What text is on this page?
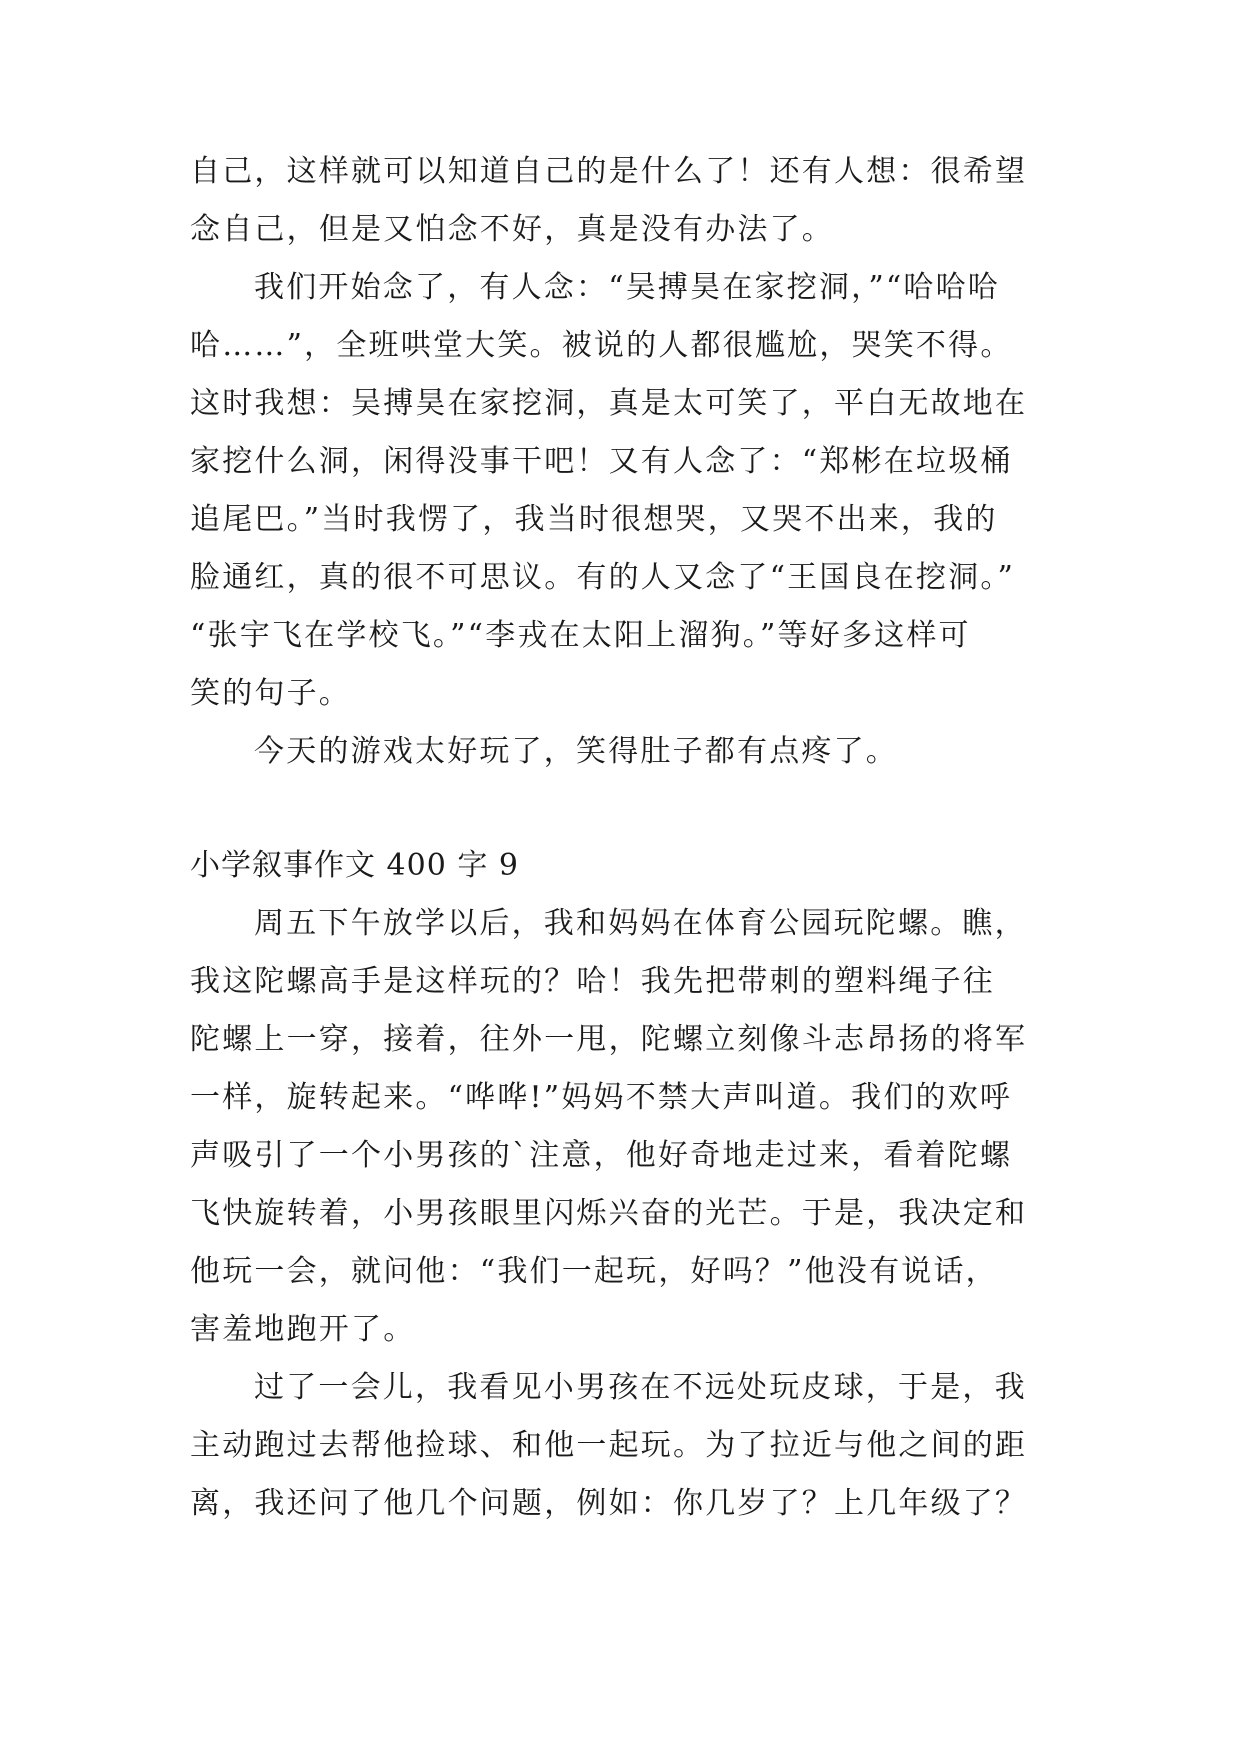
自己，这样就可以知道自己的是什么了！还有人想：很希望
念自己，但是又怕念不好，真是没有办法了。
我们开始念了，有人念：“吴搏昊在家挖洞，”“哈哈哈
哈……”，全班哄堂大笑。被说的人都很尴尬，哭笑不得。
这时我想：吴搏昊在家挖洞，真是太可笑了，平白无故地在
家挖什么洞，闲得没事干吧！又有人念了：“郑彬在垃圾桶
追尾巴。”当时我愣了，我当时很想哭，又哭不出来，我的
脸通红，真的很不可思议。有的人又念了“王国良在挖洞。”
“张宇飞在学校飞。”“李戎在太阳上溜狗。”等好多这样可
笑的句子。
今天的游戏太好玩了，笑得肚子都有点疼了。
小学叙事作文 400 字 9
周五下午放学以后，我和妈妈在体育公园玩陀螺。瞧，
我这陀螺高手是这样玩的？哈！我先把带刺的塑料绳子往
陀螺上一穿，接着，往外一甩，陀螺立刻像斗志昂扬的将军
一样，旋转起来。“哗哗!”妈妈不禁大声叫道。我们的欢呼
声吸引了一个小男孩的`注意，他好奇地走过来，看着陀螺
飞快旋转着，小男孩眼里闪烁兴奋的光芒。于是，我决定和
他玩一会，就问他：“我们一起玩，好吗？”他没有说话，
害羞地跑开了。
过了一会儿，我看见小男孩在不远处玩皮球，于是，我
主动跑过去帮他捡球、和他一起玩。为了拉近与他之间的距
离，我还问了他几个问题，例如：你几岁了？上几年级了？
